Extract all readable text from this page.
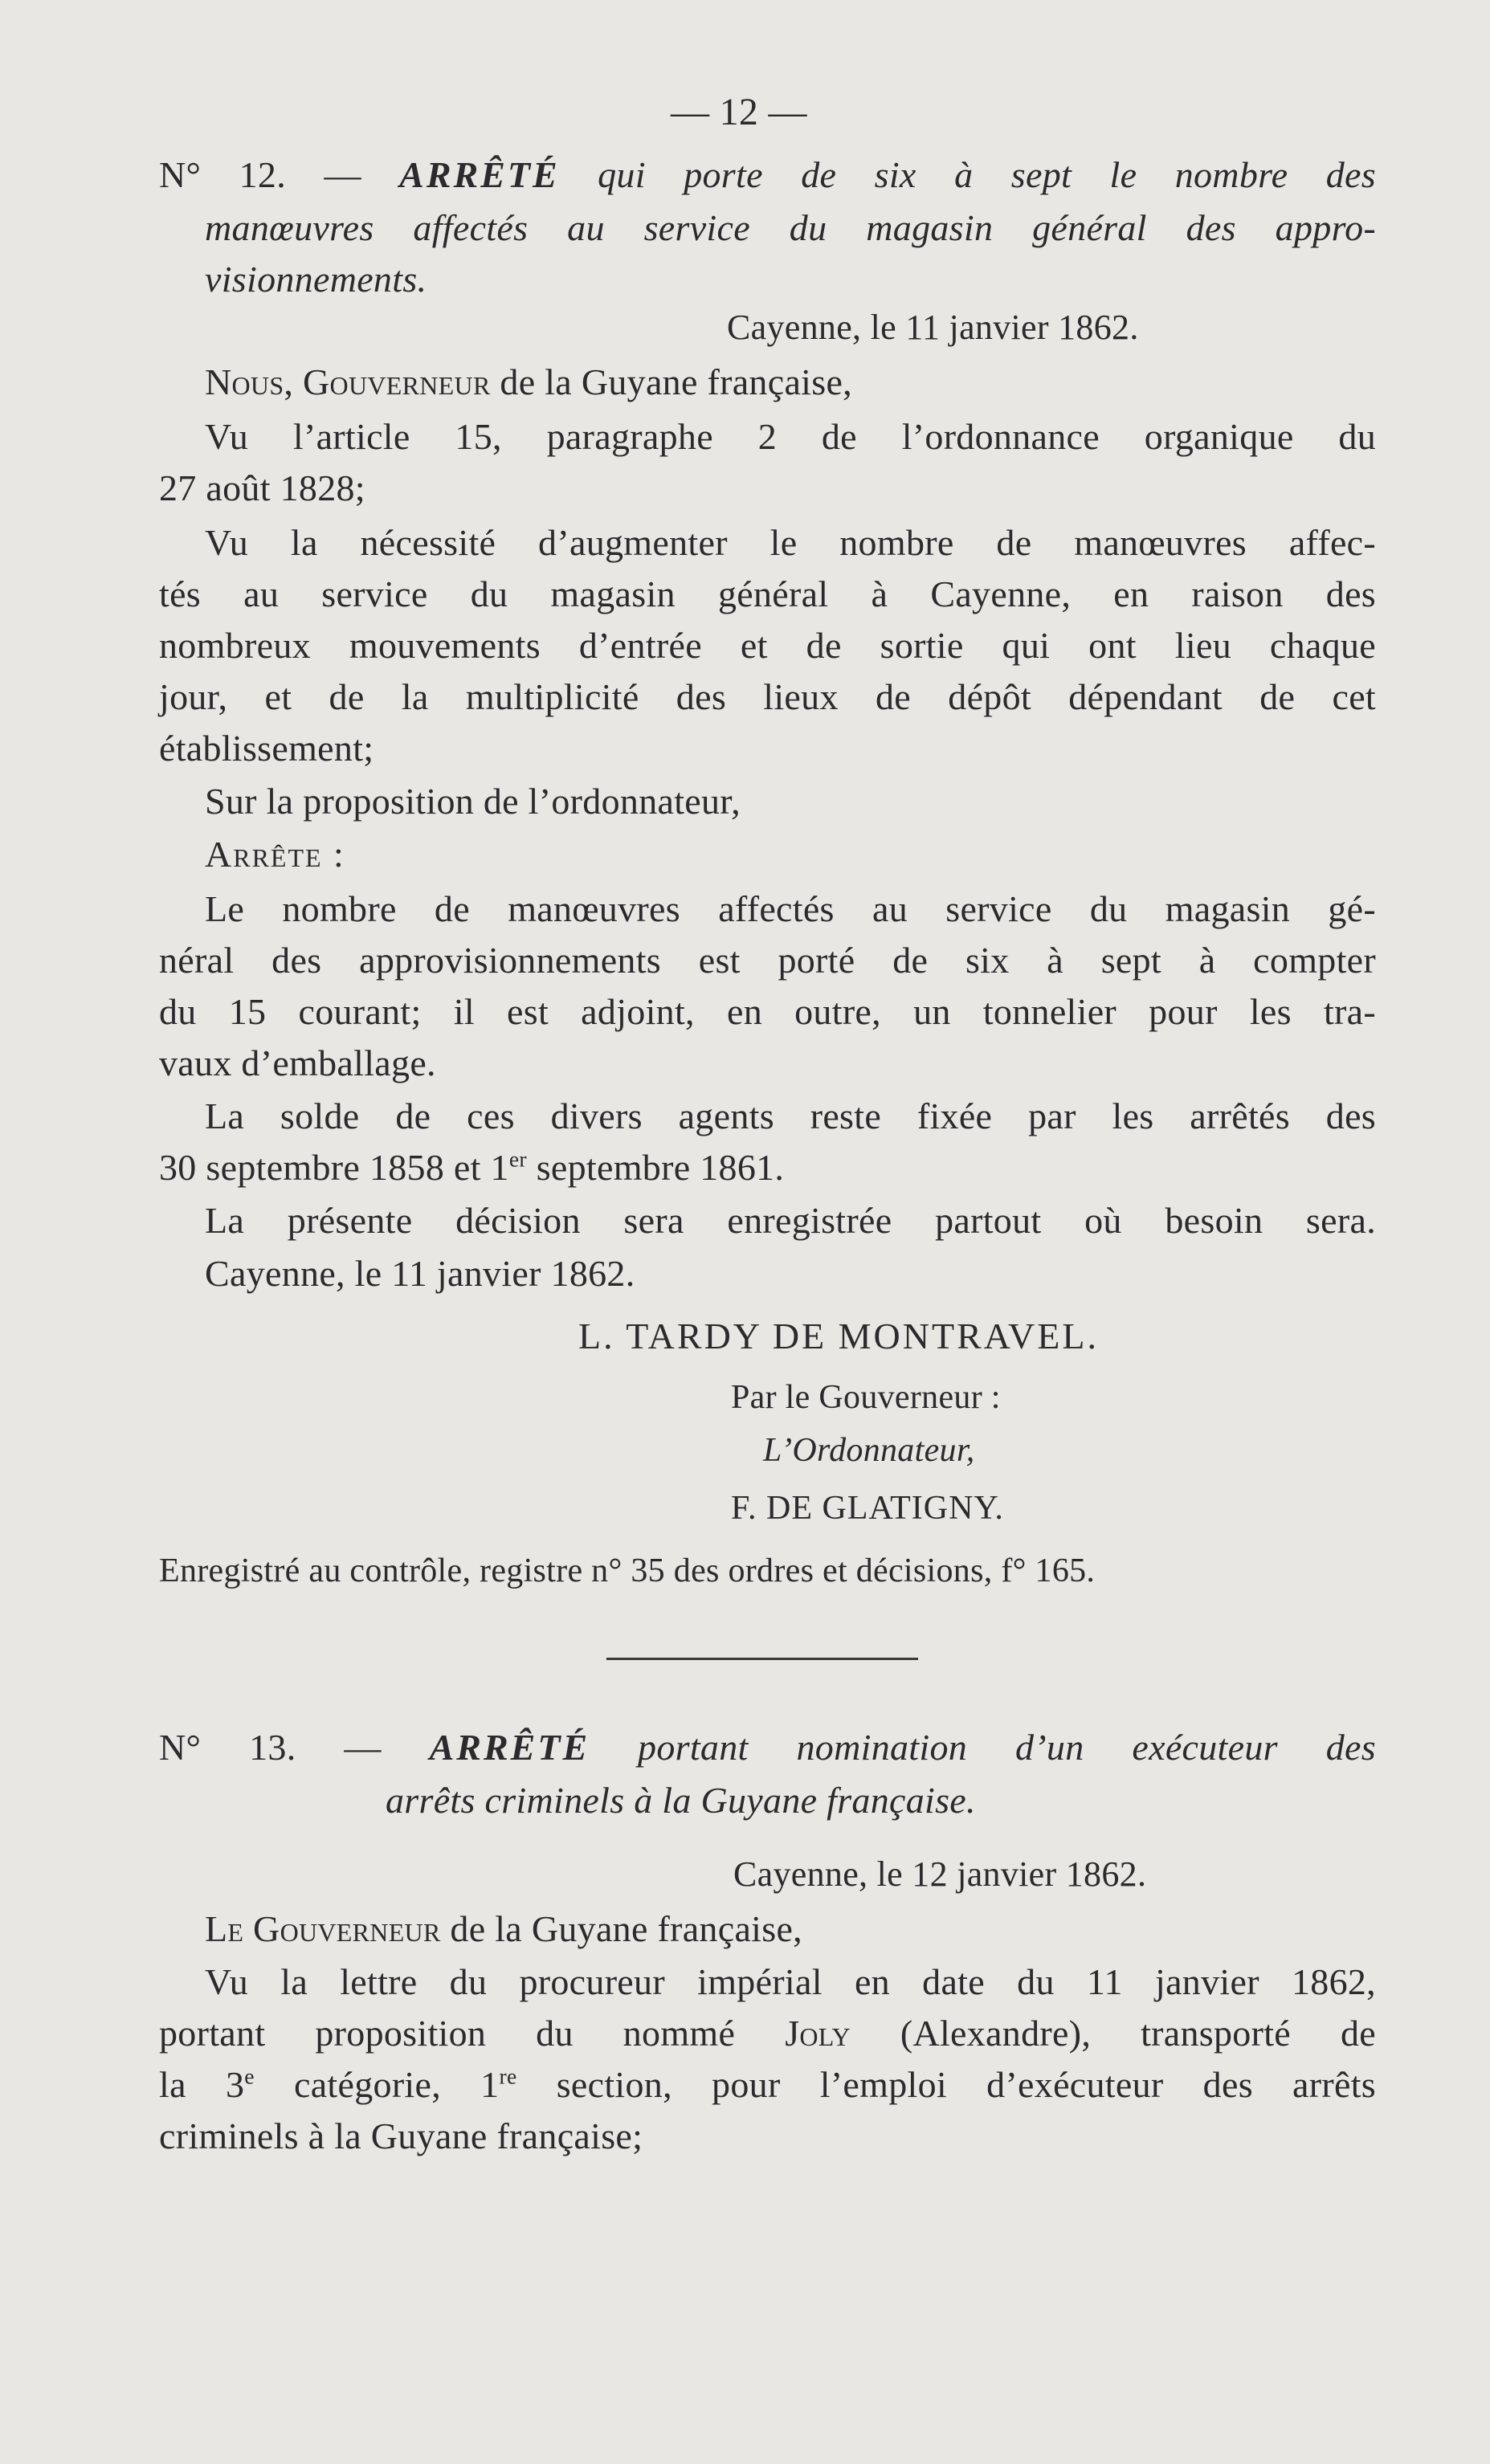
— 12 —
N° 12. — ARRÊTÉ qui porte de six à sept le nombre des
manœuvres affectés au service du magasin général des appro-
visionnements.
Cayenne, le 11 janvier 1862.
Nous, Gouverneur de la Guyane française,
Vu l’article 15, paragraphe 2 de l’ordonnance organique du
27 août 1828;
Vu la nécessité d’augmenter le nombre de manœuvres affec-
tés au service du magasin général à Cayenne, en raison des
nombreux mouvements d’entrée et de sortie qui ont lieu chaque
jour, et de la multiplicité des lieux de dépôt dépendant de cet
établissement;
Sur la proposition de l’ordonnateur,
Arrête :
Le nombre de manœuvres affectés au service du magasin gé-
néral des approvisionnements est porté de six à sept à compter
du 15 courant; il est adjoint, en outre, un tonnelier pour les tra-
vaux d’emballage.
La solde de ces divers agents reste fixée par les arrêtés des
30 septembre 1858 et 1er septembre 1861.
La présente décision sera enregistrée partout où besoin sera.
Cayenne, le 11 janvier 1862.
L. TARDY DE MONTRAVEL.
Par le Gouverneur :
L’Ordonnateur,
F. DE GLATIGNY.
Enregistré au contrôle, registre n° 35 des ordres et décisions, f° 165.
N° 13. — ARRÊTÉ portant nomination d’un exécuteur des
arrêts criminels à la Guyane française.
Cayenne, le 12 janvier 1862.
Le Gouverneur de la Guyane française,
Vu la lettre du procureur impérial en date du 11 janvier 1862,
portant proposition du nommé Joly (Alexandre), transporté de
la 3e catégorie, 1re section, pour l’emploi d’exécuteur des arrêts
criminels à la Guyane française;
